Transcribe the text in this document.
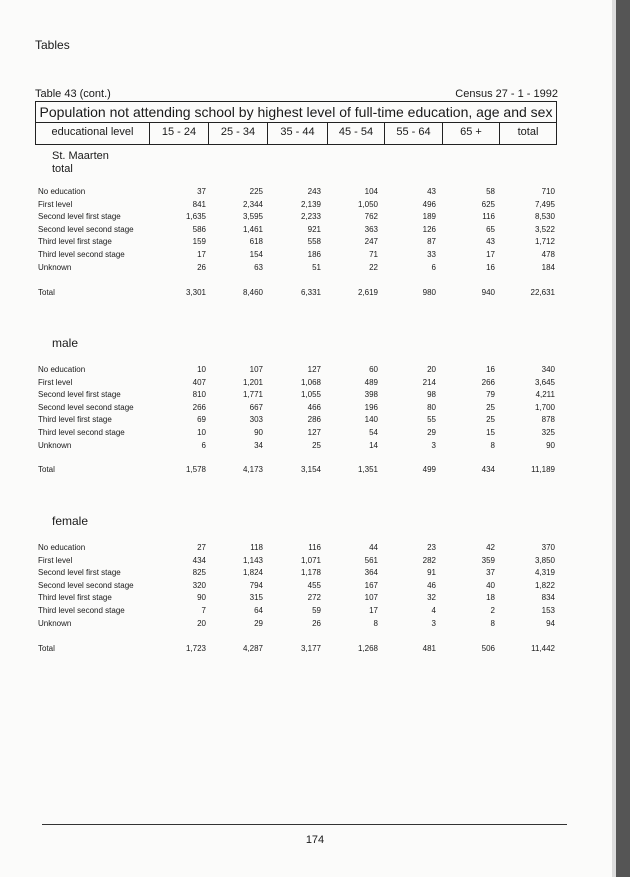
Tables
Table 43 (cont.)	Census 27 - 1 - 1992
Population not attending school by highest level of full-time education, age and sex
educational level	15 - 24	25 - 34	35 - 44	45 - 54	55 - 64	65 +	total
St. Maarten
174
total
No education	37	225	243	104	43	58	710
First level	841	2,344	2,139	1,050	496	625	7,495
Second level first stage	1,635	3,595	2,233	762	189	116	8,530
Second level second stage	586	1,461	921	363	126	65	3,522
Third level first stage	159	618	558	247	87	43	1,712
Third level second stage	17	154	186	71	33	17	478
Unknown	26	63	51	22	6	16	184
Total	3,301	8,460	6,331	2,619	980	940	22,631
male
No education	10	107	127	60	20	16	340
First level	407	1,201	1,068	489	214	266	3,645
Second level first stage	810	1,771	1,055	398	98	79	4,211
Second level second stage	266	667	466	196	80	25	1,700
Third level first stage	69	303	286	140	55	25	878
Third level second stage	10	90	127	54	29	15	325
Unknown	6	34	25	14	3	8	90
Total	1,578	4,173	3,154	1,351	499	434	11,189
female
No education	27	118	116	44	23	42	370
First level	434	1,143	1,071	561	282	359	3,850
Second level first stage	825	1,824	1,178	364	91	37	4,319
Second level second stage	320	794	455	167	46	40	1,822
Third level first stage	90	315	272	107	32	18	834
Third level second stage	7	64	59	17	4	2	153
Unknown	20	29	26	8	3	8	94
Total	1,723	4,287	3,177	1,268	481	506	11,442
